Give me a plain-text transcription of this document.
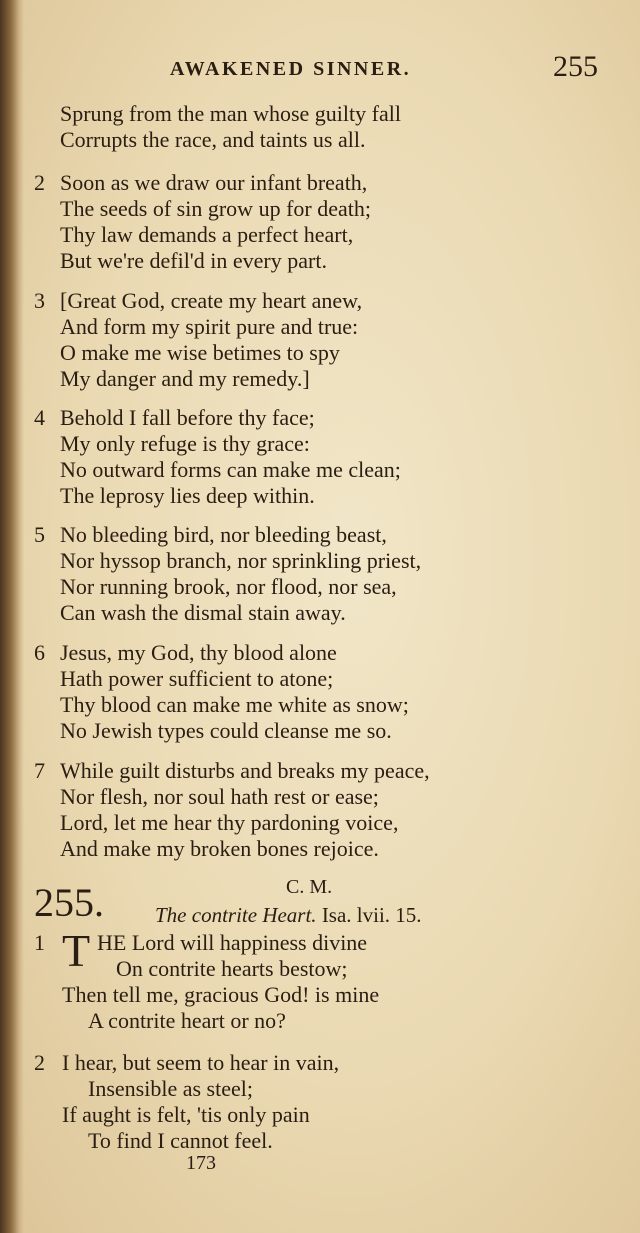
AWAKENED SINNER.	255
Sprung from the man whose guilty fall
Corrupts the race, and taints us all.
2 Soon as we draw our infant breath,
The seeds of sin grow up for death;
Thy law demands a perfect heart,
But we're defil'd in every part.
3 [Great God, create my heart anew,
And form my spirit pure and true:
O make me wise betimes to spy
My danger and my remedy.]
4 Behold I fall before thy face;
My only refuge is thy grace:
No outward forms can make me clean;
The leprosy lies deep within.
5 No bleeding bird, nor bleeding beast,
Nor hyssop branch, nor sprinkling priest,
Nor running brook, nor flood, nor sea,
Can wash the dismal stain away.
6 Jesus, my God, thy blood alone
Hath power sufficient to atone;
Thy blood can make me white as snow;
No Jewish types could cleanse me so.
7 While guilt disturbs and breaks my peace,
Nor flesh, nor soul hath rest or ease;
Lord, let me hear thy pardoning voice,
And make my broken bones rejoice.
255.	C. M.
The contrite Heart. Isa. lvii. 15.
1 T HE Lord will happiness divine
On contrite hearts bestow;
Then tell me, gracious God! is mine
A contrite heart or no?
2 I hear, but seem to hear in vain,
Insensible as steel;
If aught is felt, 'tis only pain
To find I cannot feel.
173
